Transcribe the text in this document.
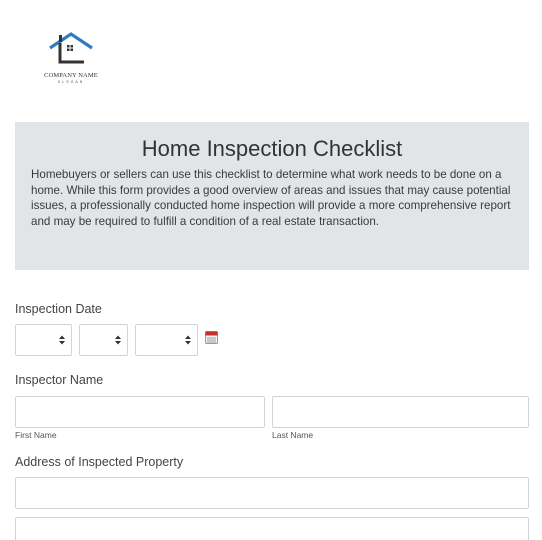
COMPANY NAME
SLOGAN
Home Inspection Checklist
Homebuyers or sellers can use this checklist to determine what work needs to be done on a home. While this form provides a good overview of areas and issues that may cause potential issues, a professionally conducted home inspection will provide a more comprehensive report and may be required to fulfill a condition of a real estate transaction.
Inspection Date
Inspector Name
First Name	Last Name
Address of Inspected Property
